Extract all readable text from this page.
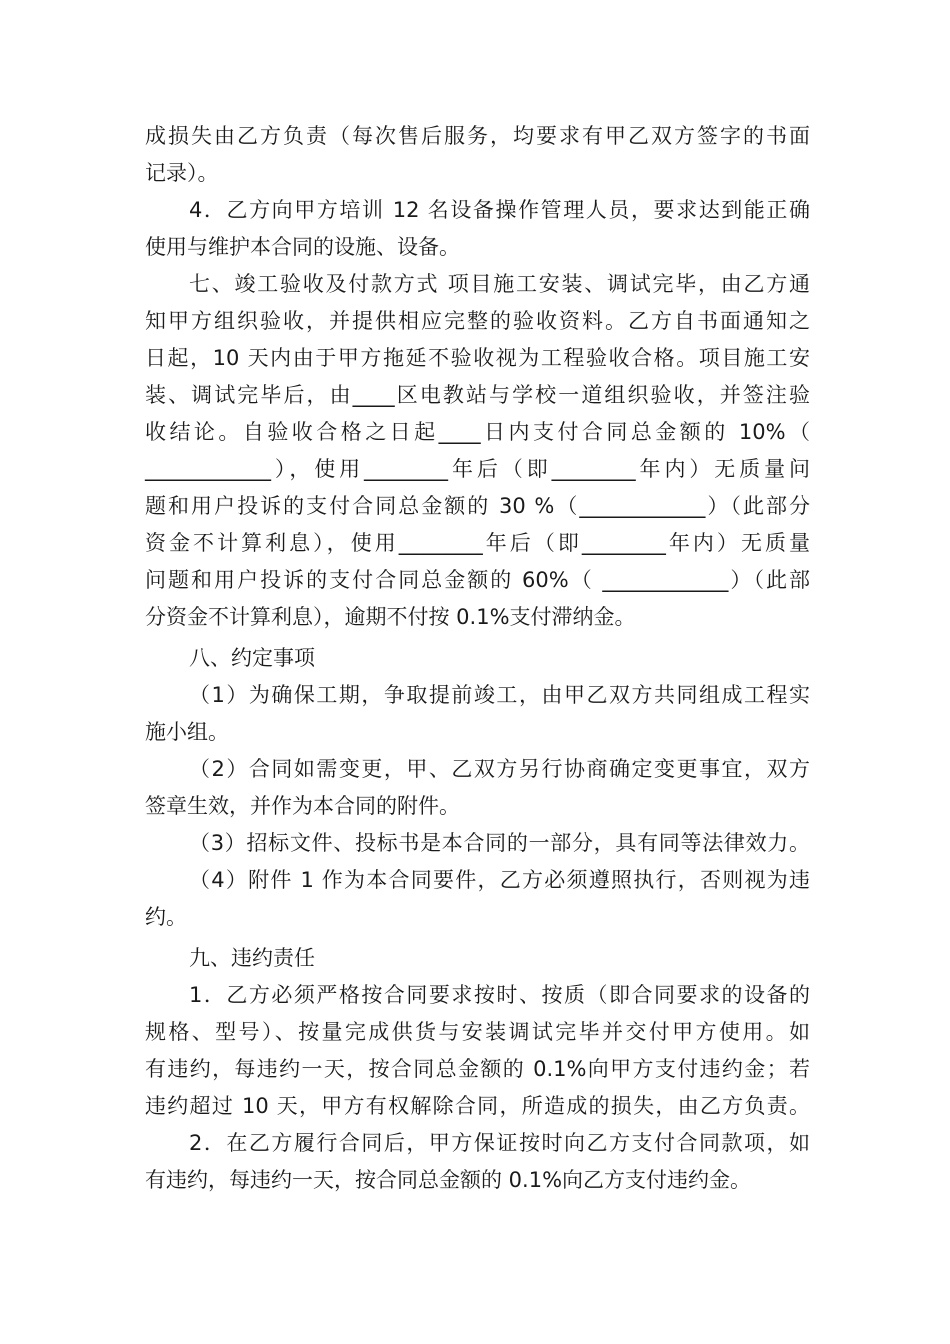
成损失由乙方负责（每次售后服务，均要求有甲乙双方签字的书面
记录）。
4．乙方向甲方培训 12 名设备操作管理人员，要求达到能正确
使用与维护本合同的设施、设备。
七、竣工验收及付款方式 项目施工安装、调试完毕，由乙方通
知甲方组织验收，并提供相应完整的验收资料。乙方自书面通知之
日起，10 天内由于甲方拖延不验收视为工程验收合格。项目施工安
装、调试完毕后，由____区电教站与学校一道组织验收，并签注验
收结论。自验收合格之日起____日内支付合同总金额的 10%（
____________），使用________年后（即________年内）无质量问
题和用户投诉的支付合同总金额的 30 %（____________）（此部分
资金不计算利息），使用________年后（即________年内）无质量
问题和用户投诉的支付合同总金额的 60%（ ____________）（此部
分资金不计算利息），逾期不付按 0.1%支付滞纳金。
八、约定事项
（1）为确保工期，争取提前竣工，由甲乙双方共同组成工程实
施小组。
（2）合同如需变更，甲、乙双方另行协商确定变更事宜，双方
签章生效，并作为本合同的附件。
（3）招标文件、投标书是本合同的一部分，具有同等法律效力。
（4）附件 1 作为本合同要件，乙方必须遵照执行，否则视为违
约。
九、违约责任
1．乙方必须严格按合同要求按时、按质（即合同要求的设备的
规格、型号）、按量完成供货与安装调试完毕并交付甲方使用。如
有违约，每违约一天，按合同总金额的 0.1%向甲方支付违约金；若
违约超过 10 天，甲方有权解除合同，所造成的损失，由乙方负责。
2．在乙方履行合同后，甲方保证按时向乙方支付合同款项，如
有违约，每违约一天，按合同总金额的 0.1%向乙方支付违约金。
